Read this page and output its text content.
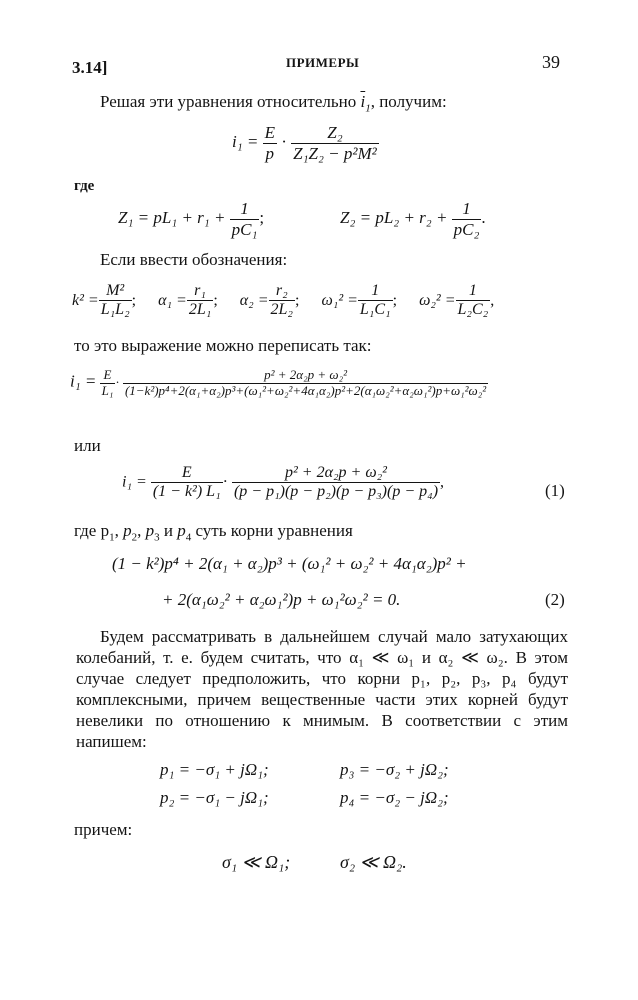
3.14]	ПРИМЕРЫ	39
Решая эти уравнения относительно $\overline{i}_1$, получим:
$i_1 = \frac{E}{p} \cdot \frac{\text{Z₂}}{\text{Z₁Z₂ − p²M²}}$
где
$Z_1 = pL_1 + r_1 + \frac{1}{\text{pC₁}}$ ;	$Z_2 = pL_2 + r_2 + \frac{1}{\text{pC₂}}$ .
Если ввести обозначения:
$k^2 = \frac{\text{M²}}{\text{L₁L₂}}$ ; $\alpha_1 = \frac{\text{r₁}}{\text{2L₁}}$ ; $\alpha_2 = \frac{\text{r₂}}{\text{2L₂}}$ ; $\omega_1^2 = \frac{1}{\text{L₁C₁}}$ ; $\omega_2^2 = \frac{1}{\text{L₂C₂}}$ ,
то это выражение можно переписать так:
$i_1 = \frac{E}{\text{L₁}} \cdot \frac{\text{p² + 2α₂p + ω₂²}}{\text{(1−k²)p⁴+2(α₁+α₂)p³+(ω₁²+ω₂²+4α₁α₂)p²+2(α₁ω₂²+α₂ω₁²)p+ω₁²ω₂²}}$
или
$i_1 = \frac{E}{\text{(1 − k²) L₁}} \cdot \frac{\text{p² + 2α₂p + ω₂²}}{\text{(p − p₁)(p − p₂)(p − p₃)(p − p₄)}}$ ,	(1)
где $p_1$, $p_2$, $p_3$ и $p_4$ суть корни уравнения
(1 − k²)p⁴ + 2(α₁ + α₂)p³ + (ω₁² + ω₂² + 4α₁α₂)p² +
+ 2(α₁ω₂² + α₂ω₁²)p + ω₁²ω₂² = 0.	(2)
Будем рассматривать в дальнейшем случай мало затухающих колебаний, т. е. будем считать, что α₁ ≪ ω₁ и α₂ ≪ ω₂. В этом случае следует предположить, что корни p₁, p₂, p₃, p₄ будут комплексными, причем вещественные части этих корней будут невелики по отношению к мнимым. В соответствии с этим напишем:
p₁ = −σ₁ + jΩ₁;	p₃ = −σ₂ + jΩ₂;
p₂ = −σ₁ − jΩ₁;	p₄ = −σ₂ − jΩ₂;
причем:
σ₁ ≪ Ω₁;	σ₂ ≪ Ω₂.
